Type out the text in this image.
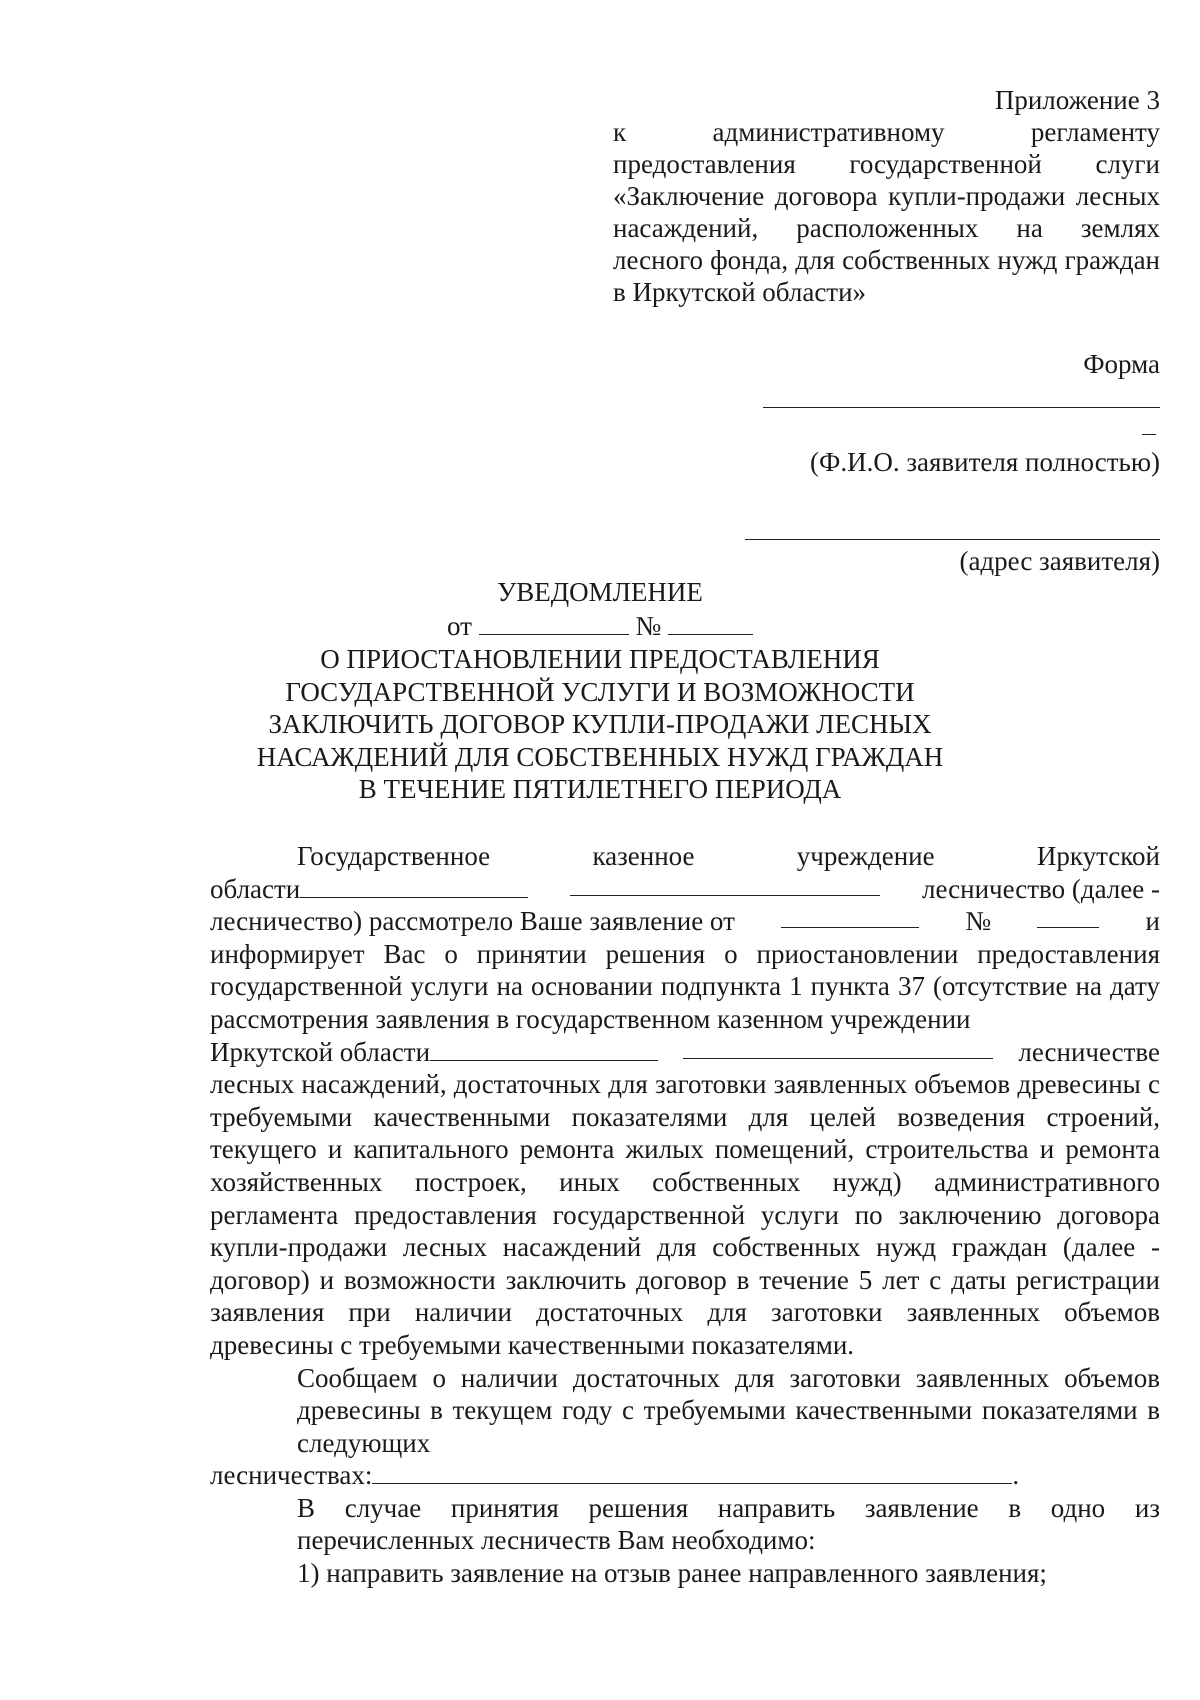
Приложение 3
к административному регламенту предоставления государственной слуги «Заключение договора купли-продажи лесных насаждений, расположенных на землях лесного фонда, для собственных нужд граждан в Иркутской области»
Форма
(Ф.И.О. заявителя полностью)
(адрес заявителя)
УВЕДОМЛЕНИЕ
от	№
О ПРИОСТАНОВЛЕНИИ ПРЕДОСТАВЛЕНИЯ ГОСУДАРСТВЕННОЙ УСЛУГИ И ВОЗМОЖНОСТИ ЗАКЛЮЧИТЬ ДОГОВОР КУПЛИ-ПРОДАЖИ ЛЕСНЫХ НАСАЖДЕНИЙ ДЛЯ СОБСТВЕННЫХ НУЖД ГРАЖДАН В ТЕЧЕНИЕ ПЯТИЛЕТНЕГО ПЕРИОДА
Государственное	казенное	учреждение	Иркутской
области	лесничество (далее -
лесничество) рассмотрело Ваше заявление от	№	и
информирует Вас о принятии решения о приостановлении предоставления государственной услуги на основании подпункта 1 пункта 37 (отсутствие на дату рассмотрения заявления в государственном казенном учреждении
Иркутской области	лесничестве
лесных насаждений, достаточных для заготовки заявленных объемов древесины с требуемыми качественными показателями для целей возведения строений, текущего и капитального ремонта жилых помещений, строительства и ремонта хозяйственных построек, иных собственных нужд) административного регламента предоставления государственной услуги по заключению договора купли-продажи лесных насаждений для собственных нужд граждан (далее - договор) и возможности заключить договор в течение 5 лет с даты регистрации заявления при наличии достаточных для заготовки заявленных объемов древесины с требуемыми качественными показателями.
Сообщаем о наличии достаточных для заготовки заявленных объемов древесины в текущем году с требуемыми качественными показателями в следующих
лесничествах:	.
В случае принятия решения направить заявление в одно из перечисленных лесничеств Вам необходимо:
1) направить заявление на отзыв ранее направленного заявления;
